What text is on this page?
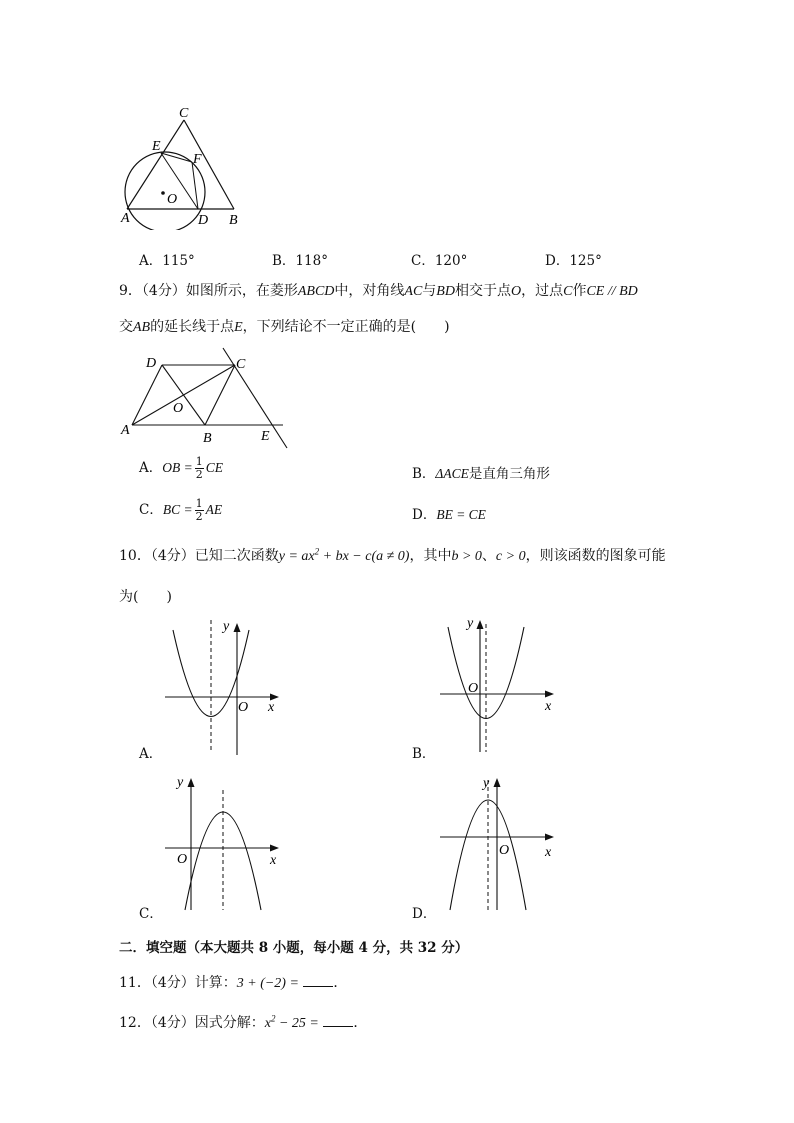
C
E
F
O
A	D B
A．115°	B．118°	C．120°	D．125°
9．（4分）如图所示，在菱形ABCD中，对角线AC与BD相交于点O，过点C作CE // BD
交AB的延长线于点E，下列结论不一定正确的是(　　)
D	C
O
A
B	E
A．OB = $\frac{1}{2}$ CE	B．ΔACE是直角三角形
C．BC = $\frac{1}{2}$ AE	D．BE = CE
10．（4分）已知二次函数$y = ax^2$ + bx − c(a ≠ 0)，其中b > 0、c > 0，则该函数的图象可能
为(　　)
y
x
O
A．
y
x
O
B．
y
x
O
C．
y
x
O
D．
二．填空题（本大题共 8 小题，每小题 4 分，共 32 分）
11．（4分）计算：3 + (−2) = ．
12．（4分）因式分解：$x^2 - 25$ = ．
